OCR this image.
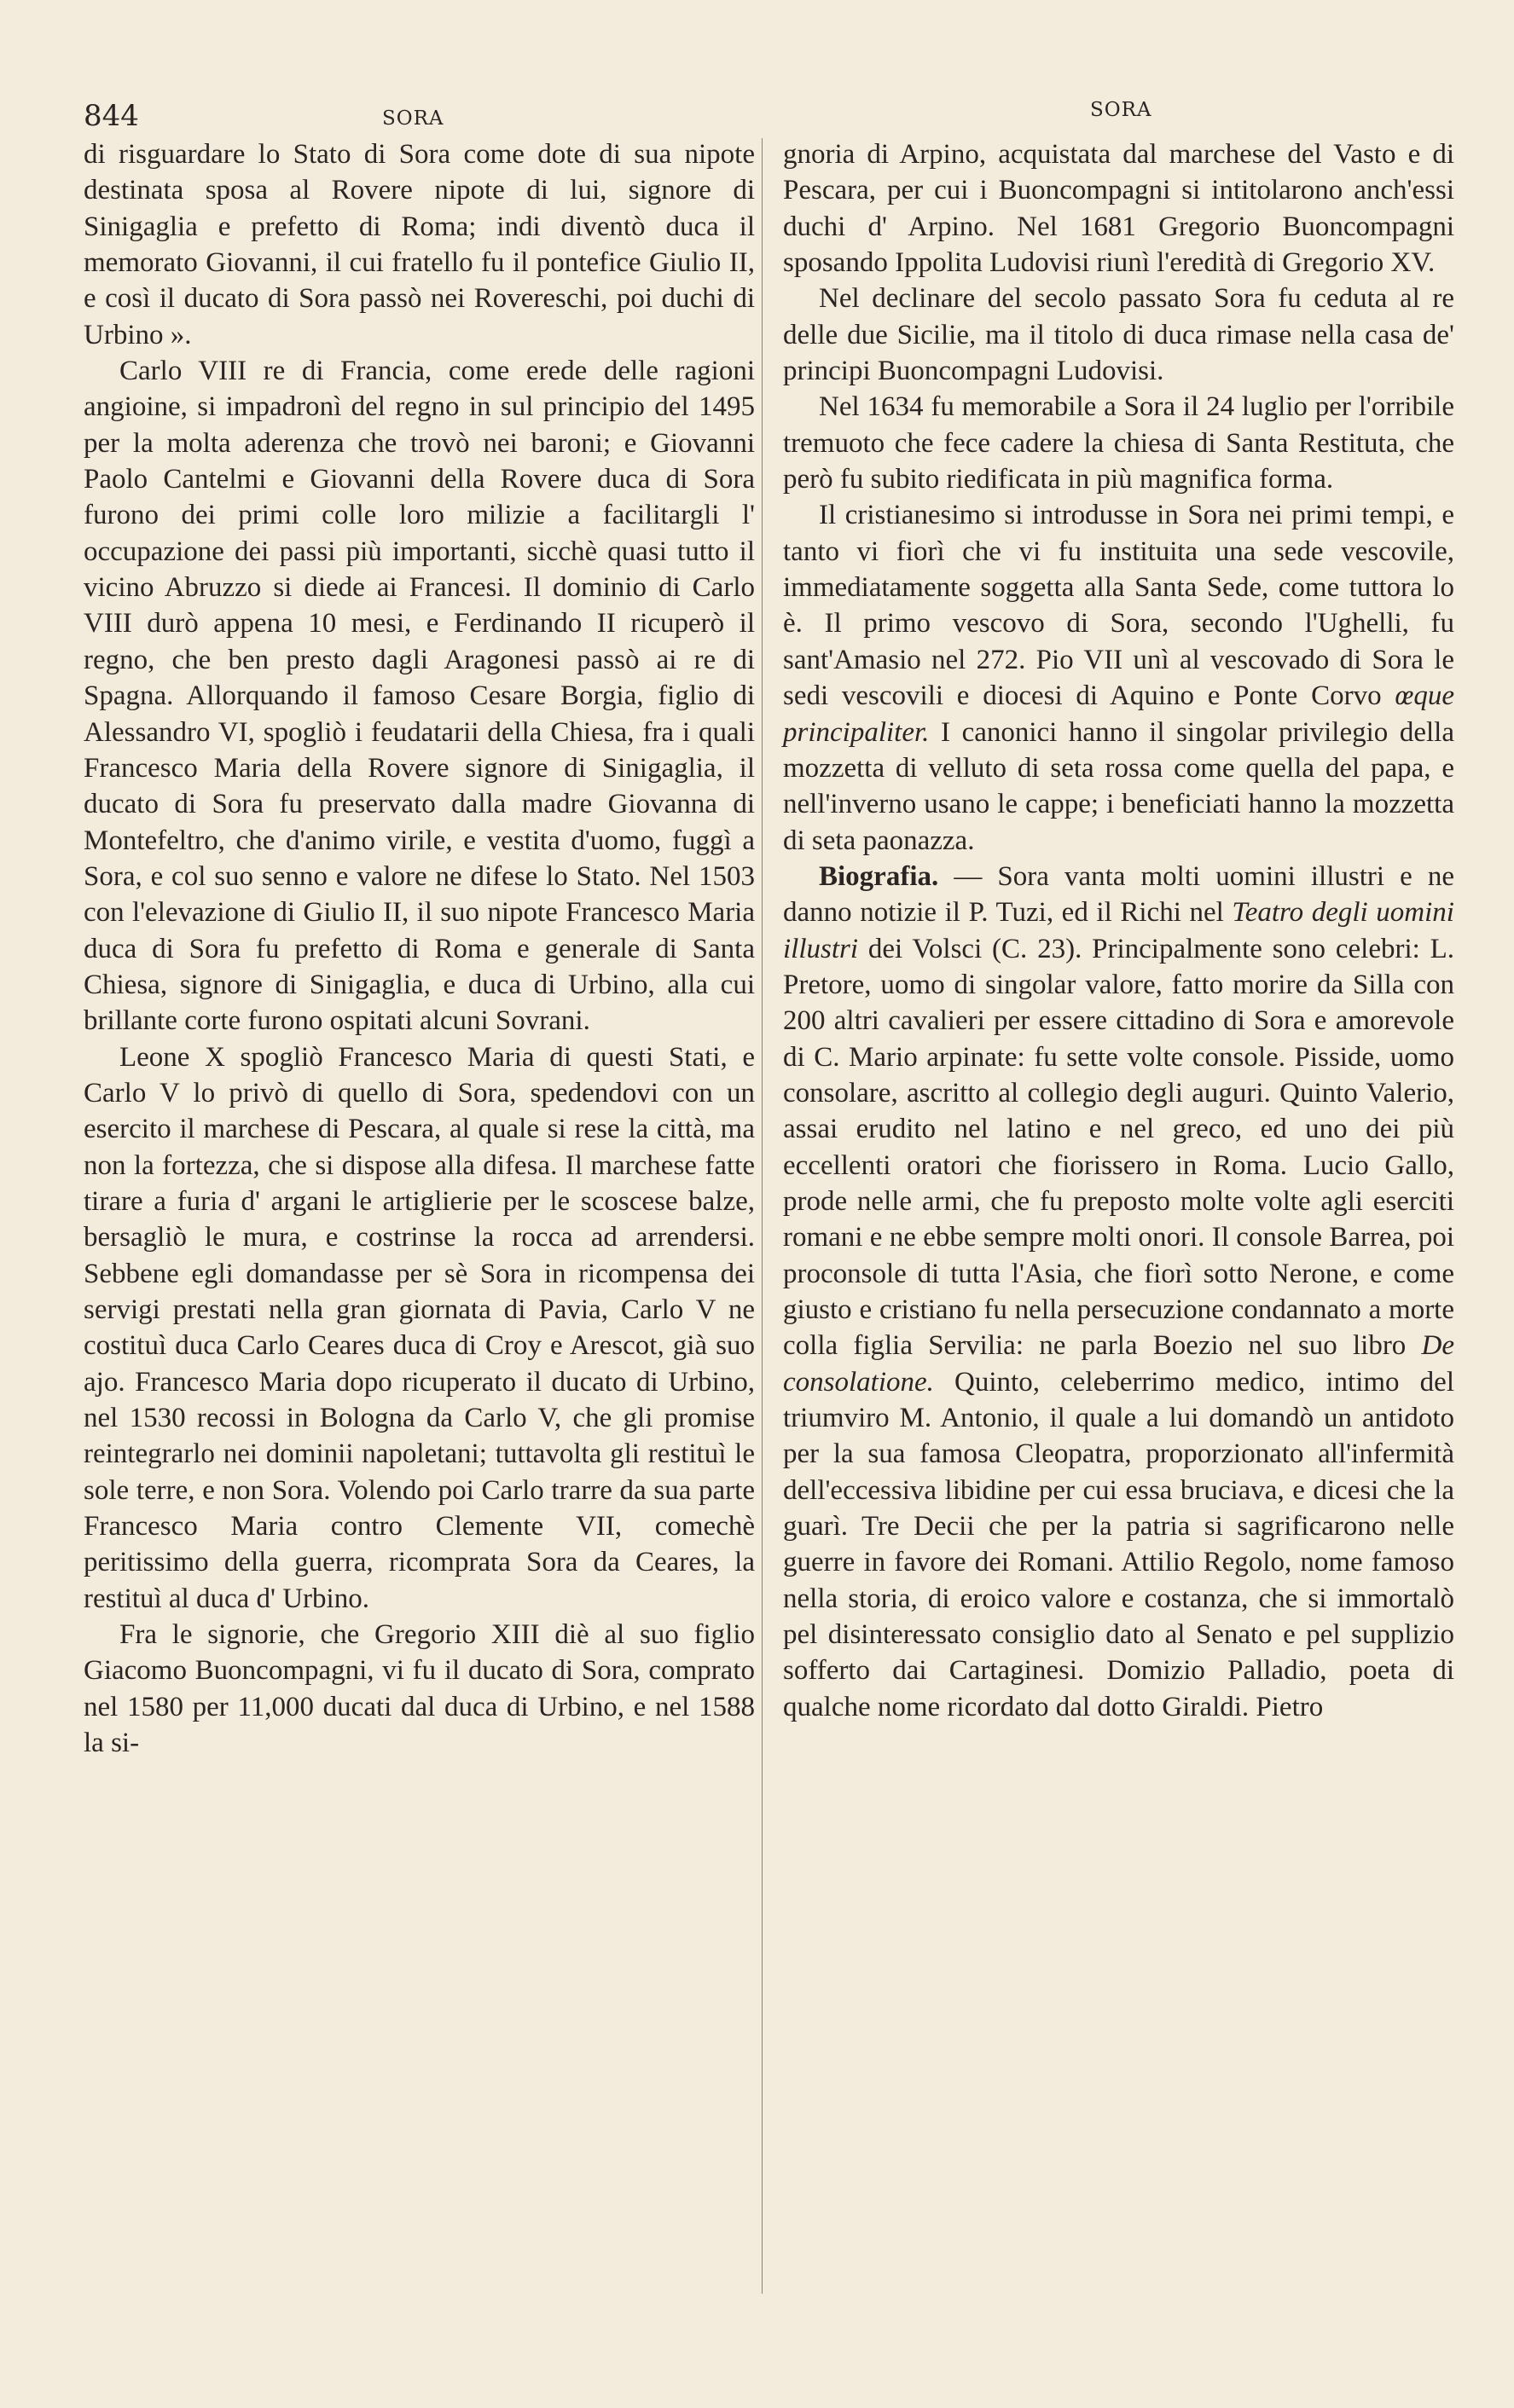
844	SORA	SORA

di risguardare lo Stato di Sora come dote di sua nipote destinata sposa al Rovere nipote di lui, signore di Sinigaglia e prefetto di Roma; indi diventò duca il memorato Giovanni, il cui fratello fu il pontefice Giulio II, e così il ducato di Sora passò nei Rovereschi, poi duchi di Urbino ».

Carlo VIII re di Francia, come erede delle ragioni angioine, si impadronì del regno in sul principio del 1495 per la molta aderenza che trovò nei baroni; e Giovanni Paolo Cantelmi e Giovanni della Rovere duca di Sora furono dei primi colle loro milizie a facilitargli l' occupazione dei passi più importanti, sicchè quasi tutto il vicino Abruzzo si diede ai Francesi. Il dominio di Carlo VIII durò appena 10 mesi, e Ferdinando II ricuperò il regno, che ben presto dagli Aragonesi passò ai re di Spagna. Allorquando il famoso Cesare Borgia, figlio di Alessandro VI, spogliò i feudatarii della Chiesa, fra i quali Francesco Maria della Rovere signore di Sinigaglia, il ducato di Sora fu preservato dalla madre Giovanna di Montefeltro, che d'animo virile, e vestita d'uomo, fuggì a Sora, e col suo senno e valore ne difese lo Stato. Nel 1503 con l'elevazione di Giulio II, il suo nipote Francesco Maria duca di Sora fu prefetto di Roma e generale di Santa Chiesa, signore di Sinigaglia, e duca di Urbino, alla cui brillante corte furono ospitati alcuni Sovrani.

Leone X spogliò Francesco Maria di questi Stati, e Carlo V lo privò di quello di Sora, spedendovi con un esercito il marchese di Pescara, al quale si rese la città, ma non la fortezza, che si dispose alla difesa. Il marchese fatte tirare a furia d' argani le artiglierie per le scoscese balze, bersagliò le mura, e costrinse la rocca ad arrendersi. Sebbene egli domandasse per sè Sora in ricompensa dei servigi prestati nella gran giornata di Pavia, Carlo V ne costituì duca Carlo Ceares duca di Croy e Arescot, già suo ajo. Francesco Maria dopo ricuperato il ducato di Urbino, nel 1530 recossi in Bologna da Carlo V, che gli promise reintegrarlo nei dominii napoletani; tuttavolta gli restituì le sole terre, e non Sora. Volendo poi Carlo trarre da sua parte Francesco Maria contro Clemente VII, comechè peritissimo della guerra, ricomprata Sora da Ceares, la restituì al duca d' Urbino.

Fra le signorie, che Gregorio XIII diè al suo figlio Giacomo Buoncompagni, vi fu il ducato di Sora, comprato nel 1580 per 11,000 ducati dal duca di Urbino, e nel 1588 la si-

gnoria di Arpino, acquistata dal marchese del Vasto e di Pescara, per cui i Buoncompagni si intitolarono anch'essi duchi d' Arpino. Nel 1681 Gregorio Buoncompagni sposando Ippolita Ludovisi riunì l'eredità di Gregorio XV.

Nel declinare del secolo passato Sora fu ceduta al re delle due Sicilie, ma il titolo di duca rimase nella casa de' principi Buoncompagni Ludovisi.

Nel 1634 fu memorabile a Sora il 24 luglio per l'orribile tremuoto che fece cadere la chiesa di Santa Restituta, che però fu subito riedificata in più magnifica forma.

Il cristianesimo si introdusse in Sora nei primi tempi, e tanto vi fiorì che vi fu instituita una sede vescovile, immediatamente soggetta alla Santa Sede, come tuttora lo è. Il primo vescovo di Sora, secondo l'Ughelli, fu sant'Amasio nel 272. Pio VII unì al vescovado di Sora le sedi vescovili e diocesi di Aquino e Ponte Corvo œque principaliter. I canonici hanno il singolar privilegio della mozzetta di velluto di seta rossa come quella del papa, e nell'inverno usano le cappe; i beneficiati hanno la mozzetta di seta paonazza.

Biografia. — Sora vanta molti uomini illustri e ne danno notizie il P. Tuzi, ed il Richi nel Teatro degli uomini illustri dei Volsci (C. 23). Principalmente sono celebri: L. Pretore, uomo di singolar valore, fatto morire da Silla con 200 altri cavalieri per essere cittadino di Sora e amorevole di C. Mario arpinate: fu sette volte console. Pisside, uomo consolare, ascritto al collegio degli auguri. Quinto Valerio, assai erudito nel latino e nel greco, ed uno dei più eccellenti oratori che fiorissero in Roma. Lucio Gallo, prode nelle armi, che fu preposto molte volte agli eserciti romani e ne ebbe sempre molti onori. Il console Barrea, poi proconsole di tutta l'Asia, che fiorì sotto Nerone, e come giusto e cristiano fu nella persecuzione condannato a morte colla figlia Servilia: ne parla Boezio nel suo libro De consolatione. Quinto, celeberrimo medico, intimo del triumviro M. Antonio, il quale a lui domandò un antidoto per la sua famosa Cleopatra, proporzionato all'infermità dell'eccessiva libidine per cui essa bruciava, e dicesi che la guarì. Tre Decii che per la patria si sagrificarono nelle guerre in favore dei Romani. Attilio Regolo, nome famoso nella storia, di eroico valore e costanza, che si immortalò pel disinteressato consiglio dato al Senato e pel supplizio sofferto dai Cartaginesi. Domizio Palladio, poeta di qualche nome ricordato dal dotto Giraldi. Pietro
